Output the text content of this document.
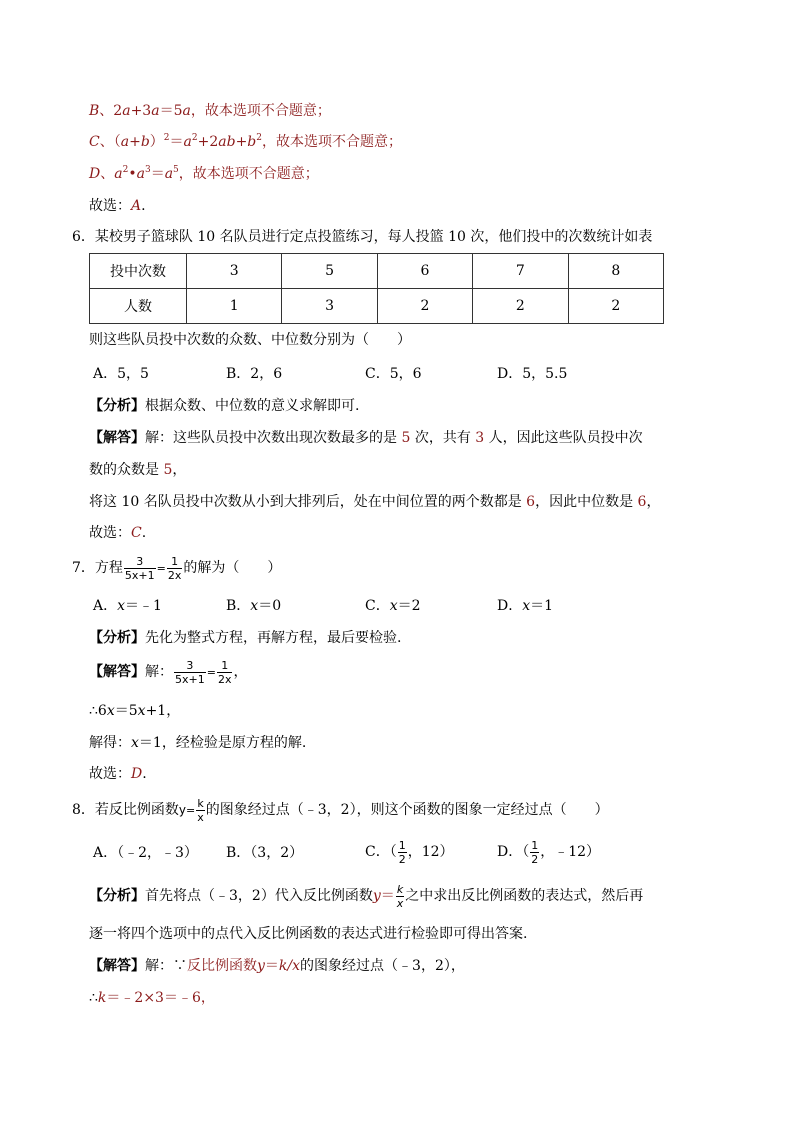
B、2a+3a＝5a，故本选项不合题意；
C、$(a+b)^2=a^2+2ab+b^2$，故本选项不合题意；
D、$a^2•a^3=a^5$，故本选项不合题意；
故选：A.
6．某校男子篮球队 10 名队员进行定点投篮练习，每人投篮 10 次，他们投中的次数统计如表
投中次数	3	5	6	7	8
人数	1	3	2	2	2
则这些队员投中次数的众数、中位数分别为（　　）
A．5，5	B．2，6	C．5，6	D．5，5.5
【分析】根据众数、中位数的意义求解即可.
【解答】解：这些队员投中次数出现次数最多的是 5 次，共有 3 人，因此这些队员投中次
数的众数是 5，
将这 10 名队员投中次数从小到大排列后，处在中间位置的两个数都是 6，因此中位数是 6，
故选：C.
7．方程 $\frac{3}{5x+1} = \frac{1}{2x}$ 的解为（　　）
A．x＝﹣1	B．x＝0	C．x＝2	D．x＝1
【分析】先化为整式方程，再解方程，最后要检验.
【解答】解： $\frac{3}{5x+1} = \frac{1}{2x}$ ，
∴6x＝5x+1，
解得：x＝1，经检验是原方程的解.
故选：D.
8．若反比例函数$y= \frac{k}{x}$ 的图象经过点（﹣3，2），则这个函数的图象一定经过点（　　）
A．（﹣2，﹣3） B．（3，2）	C．（ $\frac{1}{2}$ ，12）	D．（ $\frac{1}{2}$ ，﹣12）
【分析】首先将点（﹣3，2）代入反比例函数$y= \frac{k}{x}$ 之中求出反比例函数的表达式，然后再
逐一将四个选项中的点代入反比例函数的表达式进行检验即可得出答案.
【解答】解：∵反比例函数y＝k/x的图象经过点（﹣3，2），
∴k＝﹣2×3＝﹣6，
